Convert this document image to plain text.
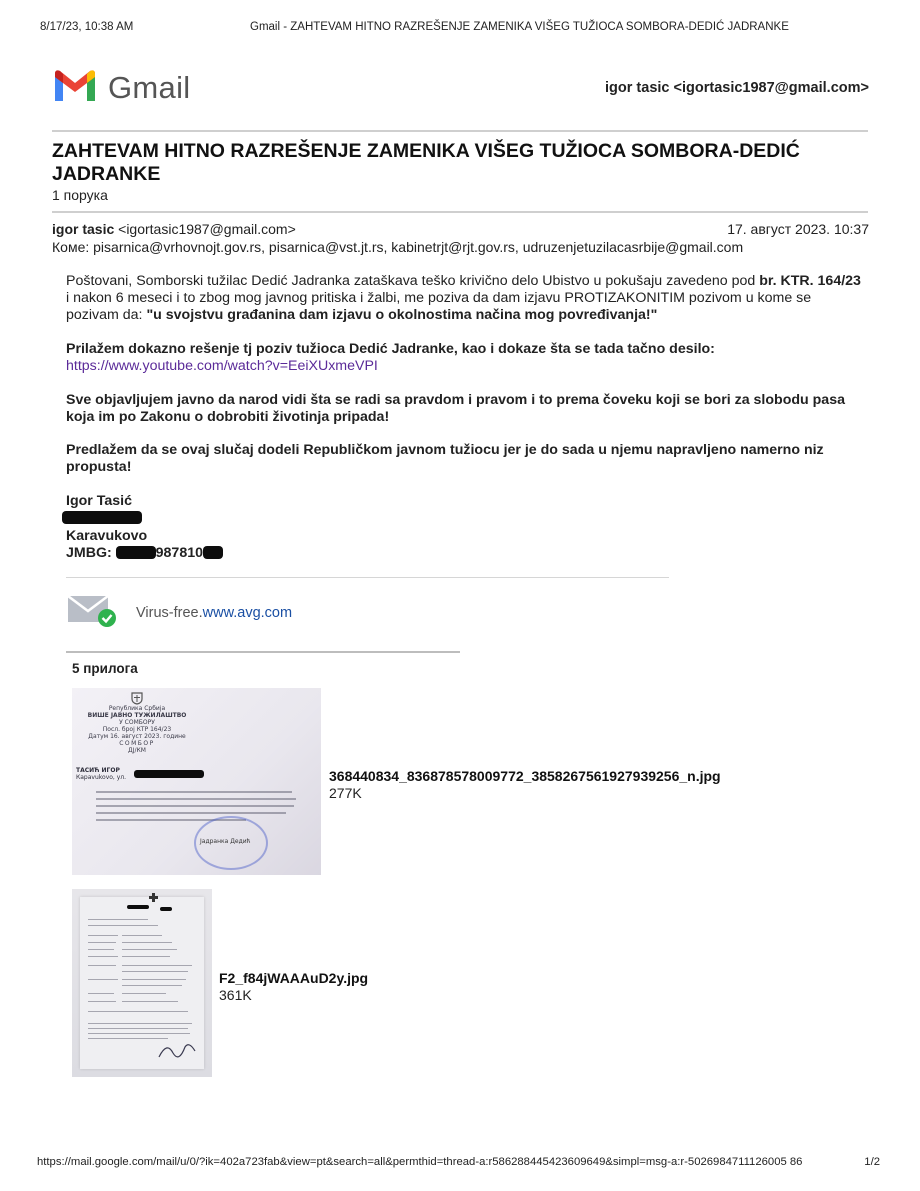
8/17/23, 10:38 AM	Gmail - ZAHTEVAM HITNO RAZREŠENJE ZAMENIKA VIŠEG TUŽIOCA SOMBORA-DEDIĆ JADRANKE
Gmail	igor tasic <igortasic1987@gmail.com>
ZAHTEVAM HITNO RAZREŠENJE ZAMENIKA VIŠEG TUŽIOCA SOMBORA-DEDIĆ JADRANKE
1 порука
igor tasic <igortasic1987@gmail.com>	17. август 2023. 10:37
Коме: pisarnica@vrhovnojt.gov.rs, pisarnica@vst.jt.rs, kabinetrjt@rjt.gov.rs, udruzenjetuzilacasrbije@gmail.com
Poštovani, Somborski tužilac Dedić Jadranka zataškava teško krivično delo Ubistvo u pokušaju zavedeno pod br. KTR. 164/23 i nakon 6 meseci i to zbog mog javnog pritiska i žalbi, me poziva da dam izjavu PROTIZAKONITIM pozivom u kome se pozivam da: "u svojstvu građanina dam izjavu o okolnostima načina mog povređivanja!"
Prilažem dokazno rešenje tj poziv tužioca Dedić Jadranke, kao i dokaze šta se tada tačno desilo:
https://www.youtube.com/watch?v=EeiXUxmeVPI
Sve objavljujem javno da narod vidi šta se radi sa pravdom i pravom i to prema čoveku koji se bori za slobodu pasa koja im po Zakonu o dobrobiti životinja pripada!
Predlažem da se ovaj slučaj dodeli Republičkom javnom tužiocu jer je do sada u njemu napravljeno namerno niz propusta!
Igor Tasić
Karavukovo
JMBG:	987810
Virus-free.www.avg.com
5 прилога
Република Србија
ВИШЕ ЈАВНО ТУЖИЛАШТВО
У СОМБОРУ
Посл. број КТР 164/23
Датум 16. август 2023. године
СОМБОР
ДЈ/КМ
ТАСИЋ ИГОР
Караvukovo, ул.
Јадранка Дедић
368440834_836878578009772_3858267561927939256_n.jpg
277K
F2_f84jWAAAuD2y.jpg
361K
https://mail.google.com/mail/u/0/?ik=402a723fab&view=pt&search=all&permthid=thread-a:r586288445423609649&simpl=msg-a:r-5026984711126005 86	1/2
